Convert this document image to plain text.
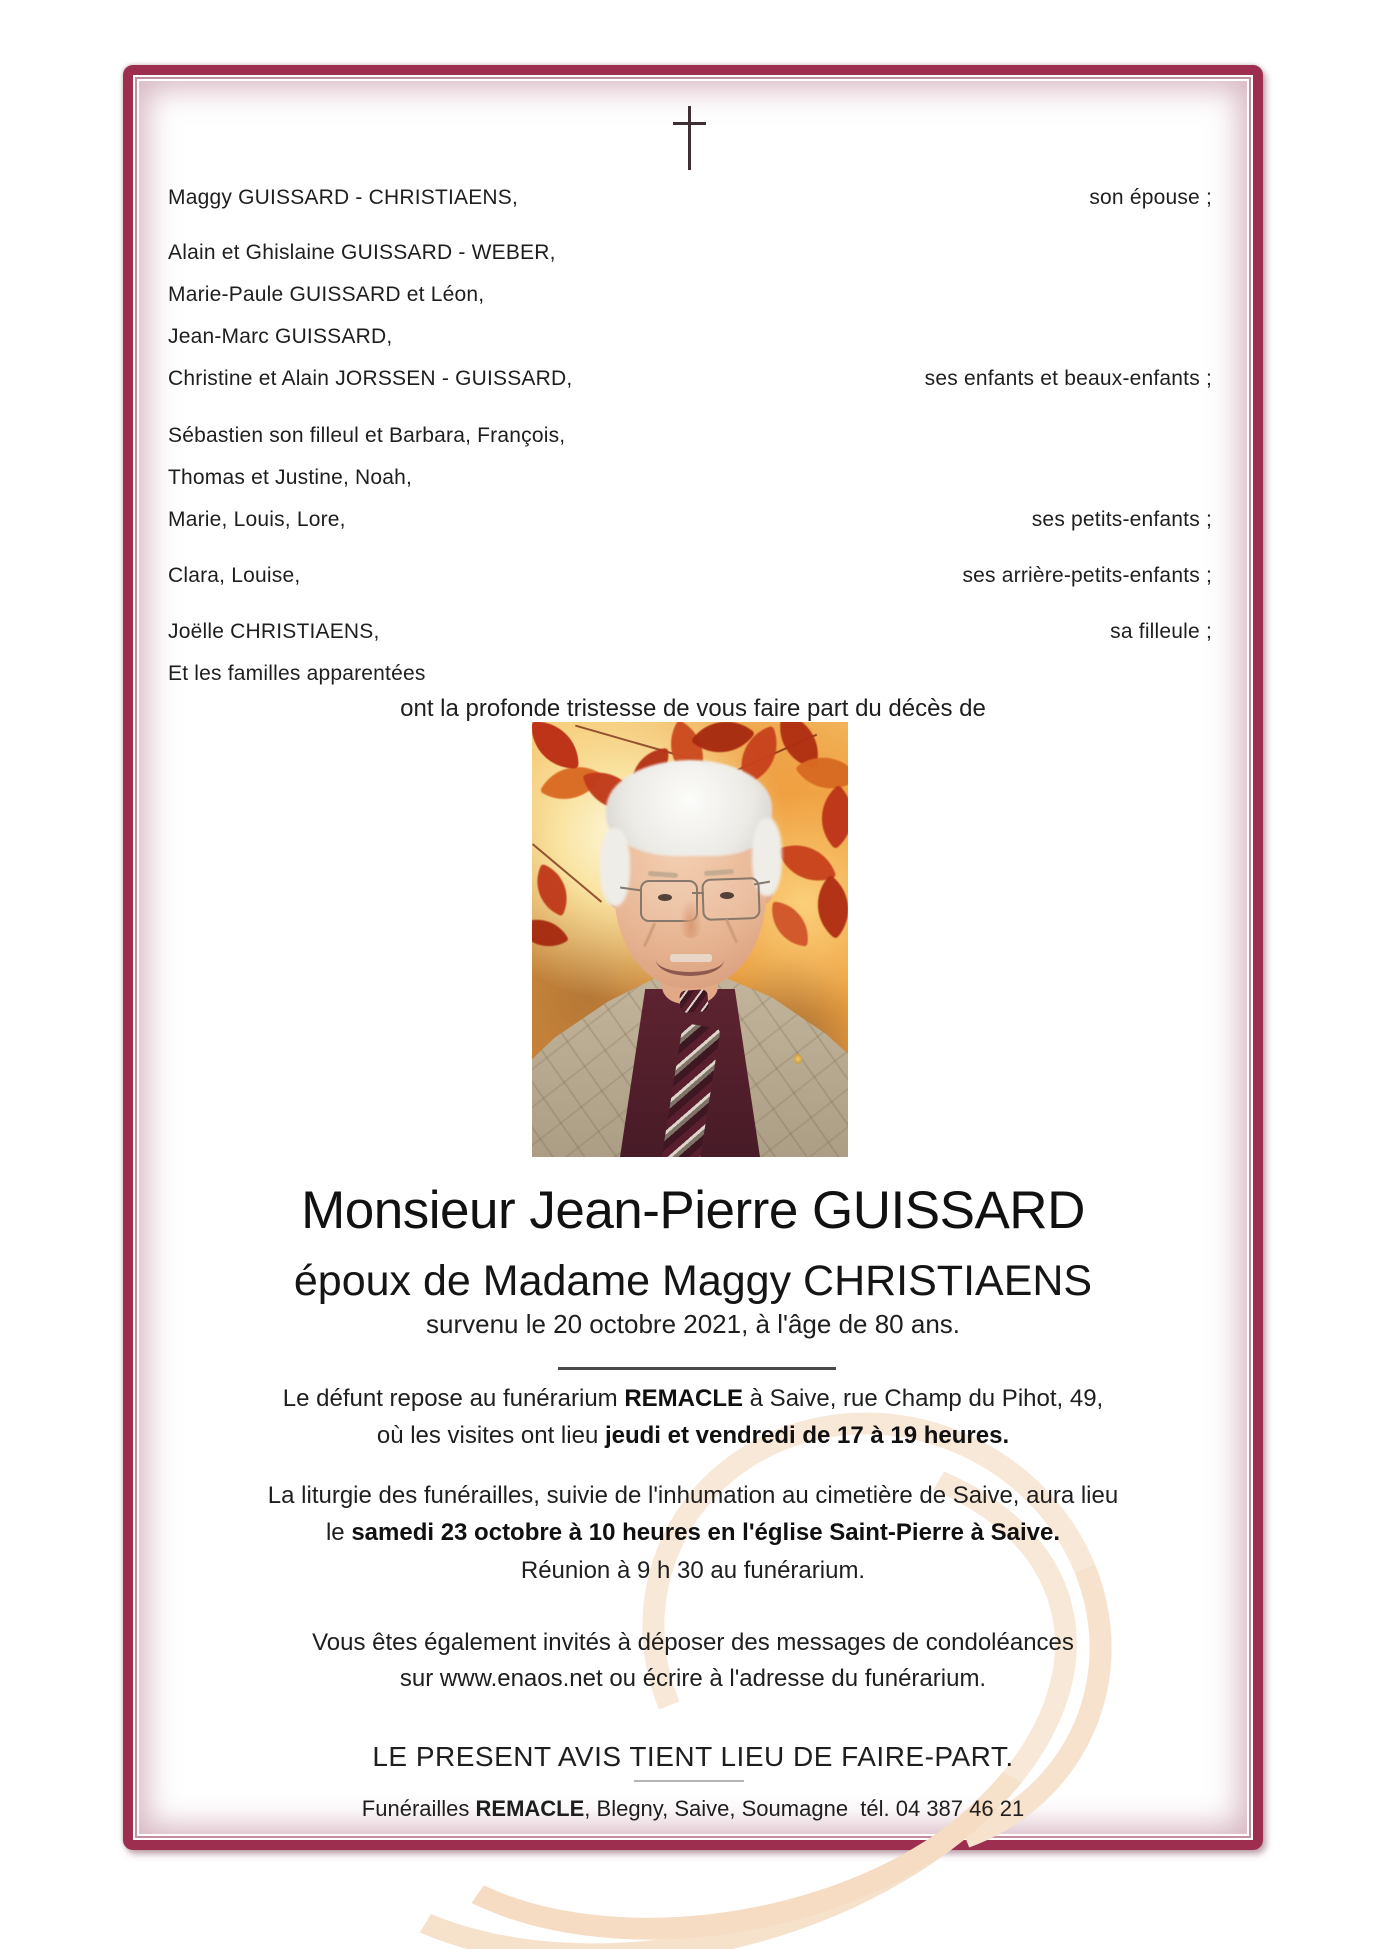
Maggy GUISSARD - CHRISTIAENS,	son épouse ;
Alain et Ghislaine GUISSARD - WEBER,
Marie-Paule GUISSARD et Léon,
Jean-Marc GUISSARD,
Christine et Alain JORSSEN - GUISSARD,	ses enfants et beaux-enfants ;
Sébastien son filleul et Barbara, François,
Thomas et Justine, Noah,
Marie, Louis, Lore,	ses petits-enfants ;
Clara, Louise,	ses arrière-petits-enfants ;
Joëlle CHRISTIAENS,	sa filleule ;
Et les familles apparentées
ont la profonde tristesse de vous faire part du décès de
Monsieur Jean-Pierre GUISSARD
époux de Madame Maggy CHRISTIAENS
survenu le 20 octobre 2021, à l'âge de 80 ans.
Le défunt repose au funérarium REMACLE à Saive, rue Champ du Pihot, 49,
où les visites ont lieu jeudi et vendredi de 17 à 19 heures.
La liturgie des funérailles, suivie de l'inhumation au cimetière de Saive, aura lieu
le samedi 23 octobre à 10 heures en l'église Saint-Pierre à Saive.
Réunion à 9 h 30 au funérarium.
Vous êtes également invités à déposer des messages de condoléances
sur www.enaos.net ou écrire à l'adresse du funérarium.
LE PRESENT AVIS TIENT LIEU DE FAIRE-PART.
Funérailles REMACLE, Blegny, Saive, Soumagne  tél. 04 387 46 21
